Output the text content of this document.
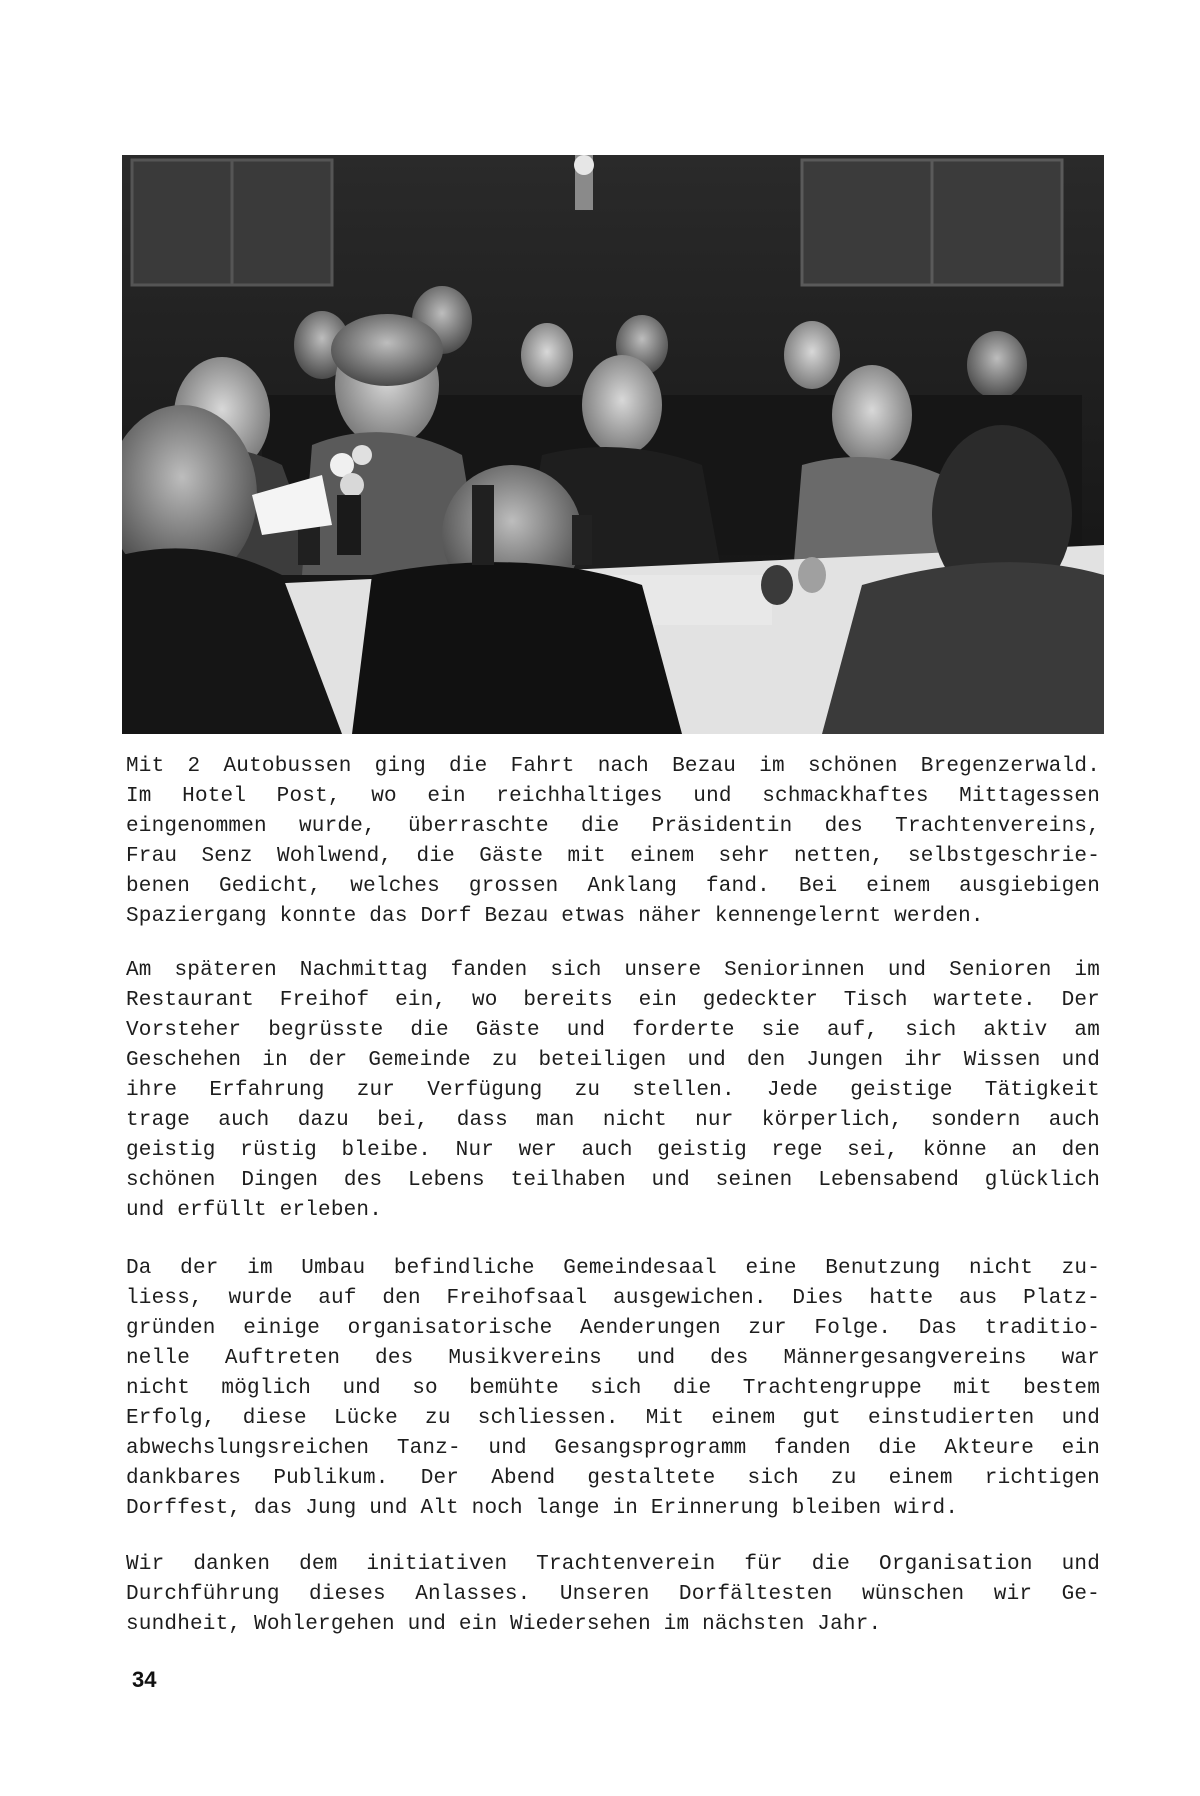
Mit 2 Autobussen ging die Fahrt nach Bezau im schönen Bregenzerwald.
Im Hotel Post, wo ein reichhaltiges und schmackhaftes Mittagessen
eingenommen wurde, überraschte die Präsidentin des Trachtenvereins,
Frau Senz Wohlwend, die Gäste mit einem sehr netten, selbstgeschrie-
benen Gedicht, welches grossen Anklang fand. Bei einem ausgiebigen
Spaziergang konnte das Dorf Bezau etwas näher kennengelernt werden.
Am späteren Nachmittag fanden sich unsere Seniorinnen und Senioren im
Restaurant Freihof ein, wo bereits ein gedeckter Tisch wartete. Der
Vorsteher begrüsste die Gäste und forderte sie auf, sich aktiv am
Geschehen in der Gemeinde zu beteiligen und den Jungen ihr Wissen und
ihre Erfahrung zur Verfügung zu stellen. Jede geistige Tätigkeit
trage auch dazu bei, dass man nicht nur körperlich, sondern auch
geistig rüstig bleibe. Nur wer auch geistig rege sei, könne an den
schönen Dingen des Lebens teilhaben und seinen Lebensabend glücklich
und erfüllt erleben.
Da der im Umbau befindliche Gemeindesaal eine Benutzung nicht zu-
liess, wurde auf den Freihofsaal ausgewichen. Dies hatte aus Platz-
gründen einige organisatorische Aenderungen zur Folge. Das traditio-
nelle Auftreten des Musikvereins und des Männergesangvereins war
nicht möglich und so bemühte sich die Trachtengruppe mit bestem
Erfolg, diese Lücke zu schliessen. Mit einem gut einstudierten und
abwechslungsreichen Tanz- und Gesangsprogramm fanden die Akteure ein
dankbares Publikum. Der Abend gestaltete sich zu einem richtigen
Dorffest, das Jung und Alt noch lange in Erinnerung bleiben wird.
Wir danken dem initiativen Trachtenverein für die Organisation und
Durchführung dieses Anlasses. Unseren Dorfältesten wünschen wir Ge-
sundheit, Wohlergehen und ein Wiedersehen im nächsten Jahr.
34
